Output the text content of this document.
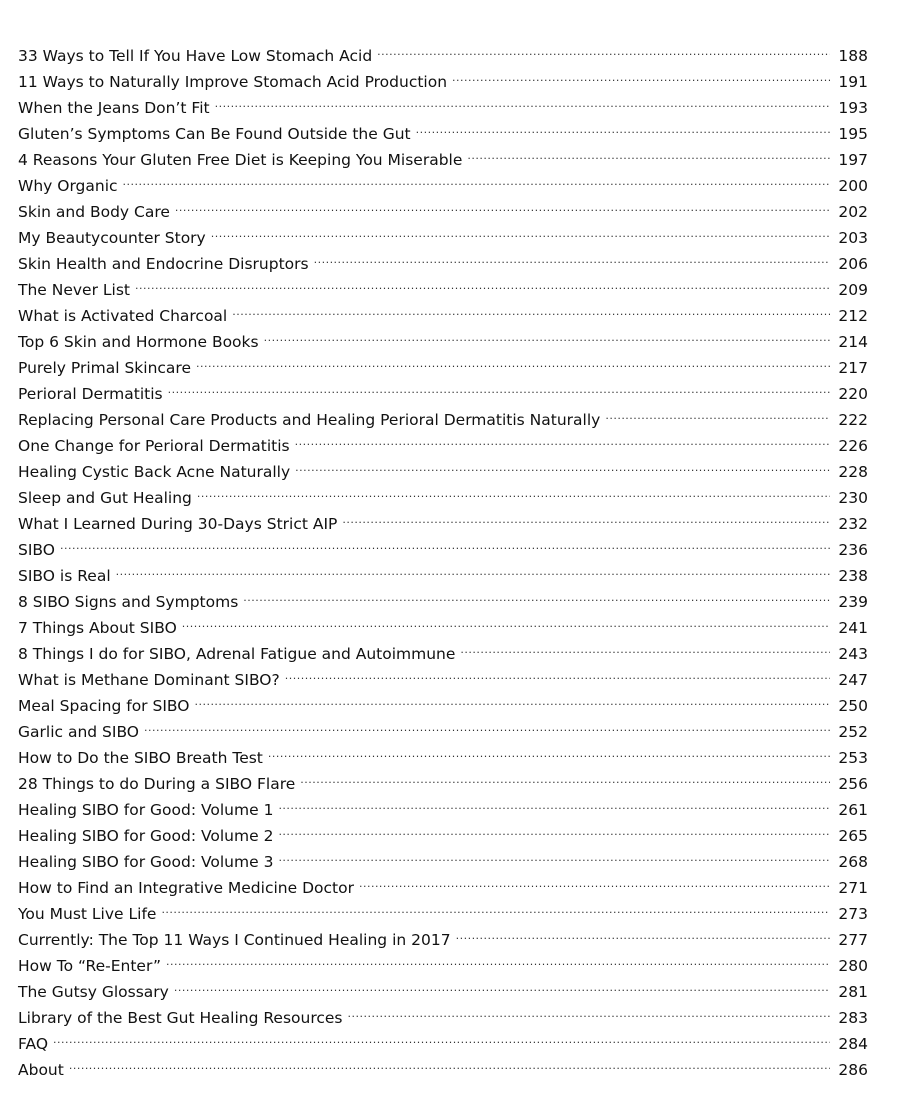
33 Ways to Tell If You Have Low Stomach Acid .....	188
11 Ways to Naturally Improve Stomach Acid Production .....	191
When the Jeans Don’t Fit .....	193
Gluten’s Symptoms Can Be Found Outside the Gut .....	195
4 Reasons Your Gluten Free Diet is Keeping You Miserable .....	197
Why Organic .....	200
Skin and Body Care .....	202
My Beautycounter Story .....	203
Skin Health and Endocrine Disruptors .....	206
The Never List .....	209
What is Activated Charcoal .....	212
Top 6 Skin and Hormone Books .....	214
Purely Primal Skincare .....	217
Perioral Dermatitis .....	220
Replacing Personal Care Products and Healing Perioral Dermatitis Naturally .....	222
One Change for Perioral Dermatitis .....	226
Healing Cystic Back Acne Naturally .....	228
Sleep and Gut Healing .....	230
What I Learned During 30-Days Strict AIP .....	232
SIBO .....	236
SIBO is Real .....	238
8 SIBO Signs and Symptoms .....	239
7 Things About SIBO .....	241
8 Things I do for SIBO, Adrenal Fatigue and Autoimmune .....	243
What is Methane Dominant SIBO? .....	247
Meal Spacing for SIBO .....	250
Garlic and SIBO .....	252
How to Do the SIBO Breath Test .....	253
28 Things to do During a SIBO Flare .....	256
Healing SIBO for Good: Volume 1 .....	261
Healing SIBO for Good: Volume 2 .....	265
Healing SIBO for Good: Volume 3 .....	268
How to Find an Integrative Medicine Doctor .....	271
You Must Live Life .....	273
Currently: The Top 11 Ways I Continued Healing in 2017 .....	277
How To “Re-Enter” .....	280
The Gutsy Glossary .....	281
Library of the Best Gut Healing Resources .....	283
FAQ .....	284
About .....	286
